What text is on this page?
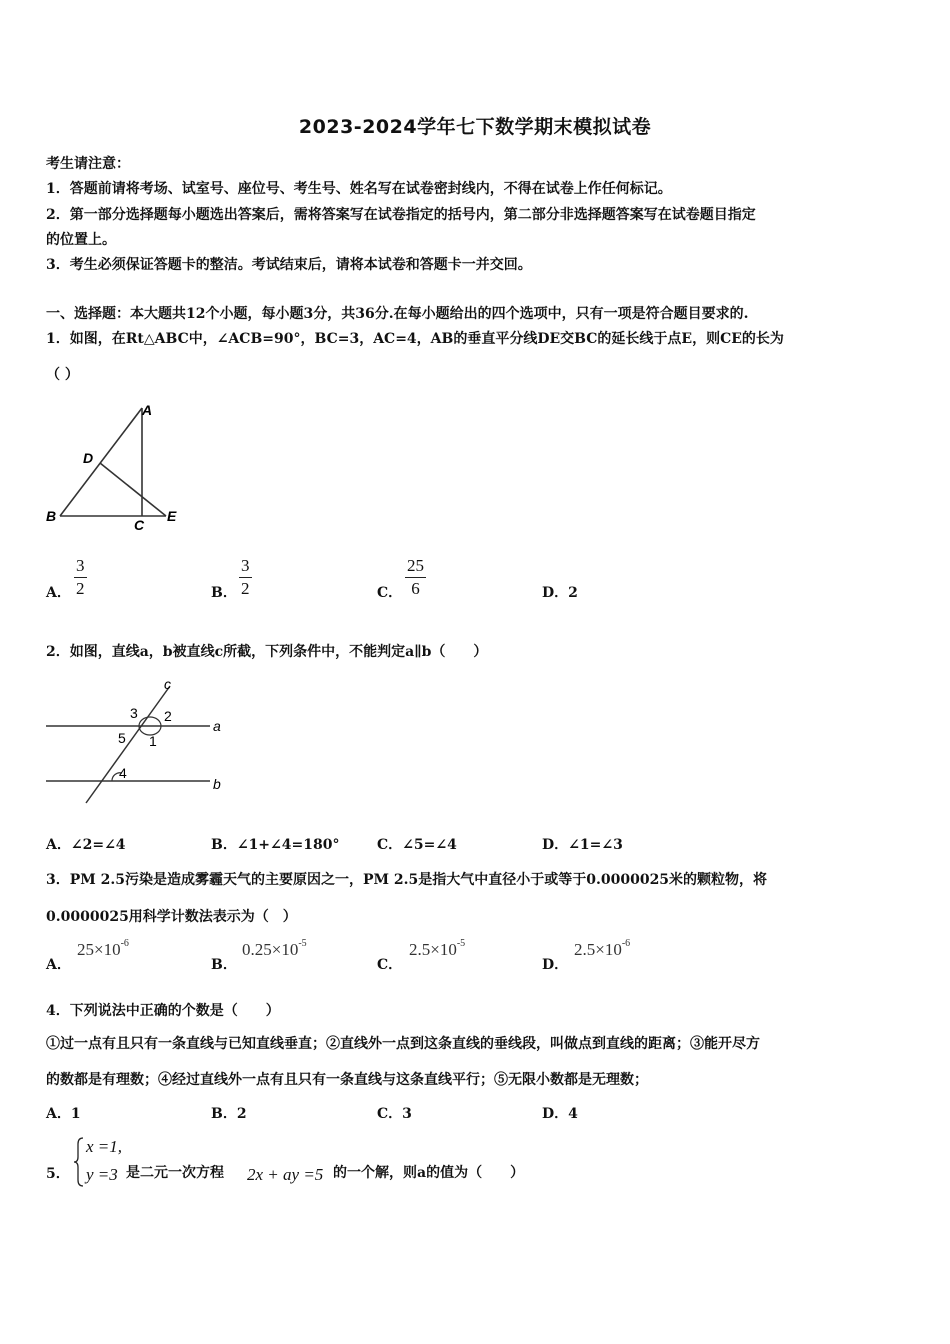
2023-2024学年七下数学期末模拟试卷
考生请注意：
1．答题前请将考场、试室号、座位号、考生号、姓名写在试卷密封线内，不得在试卷上作任何标记。
2．第一部分选择题每小题选出答案后，需将答案写在试卷指定的括号内，第二部分非选择题答案写在试卷题目指定
的位置上。
3．考生必须保证答题卡的整洁。考试结束后，请将本试卷和答题卡一并交回。
一、选择题：本大题共12个小题，每小题3分，共36分.在每小题给出的四个选项中，只有一项是符合题目要求的.
1．如图，在Rt△ABC中，∠ACB=90°，BC=3，AC=4，AB的垂直平分线DE交BC的延长线于点E，则CE的长为
（ ）
A
D
B
C
E
A．
3
2	B．
3
2	C．
25
6	D．2
2．如图，直线a，b被直线c所截，下列条件中，不能判定a∥b（　　）
c
a
b
3 2
5 1
4
A．∠2=∠4	B．∠1+∠4=180°	C．∠5=∠4	D．∠1=∠3
3．PM 2.5污染是造成雾霾天气的主要原因之一，PM 2.5是指大气中直径小于或等于0.0000025米的颗粒物，将
0.0000025用科学计数法表示为（　）
A．
$25\times 10^{-6}$
B．
$0.25\times 10^{-5}$
C．
$2.5\times 10^{-5}$
D．
$2.5\times 10^{-6}$
4．下列说法中正确的个数是（　　）
①过一点有且只有一条直线与已知直线垂直；②直线外一点到这条直线的垂线段，叫做点到直线的距离；③能开尽方
的数都是有理数；④经过直线外一点有且只有一条直线与这条直线平行；⑤无限小数都是无理数；
A．1	B．2	C．3	D．4
5．
x =1,
y =3 是二元一次方程 2x + ay =5 的一个解，则a的值为（　　）
